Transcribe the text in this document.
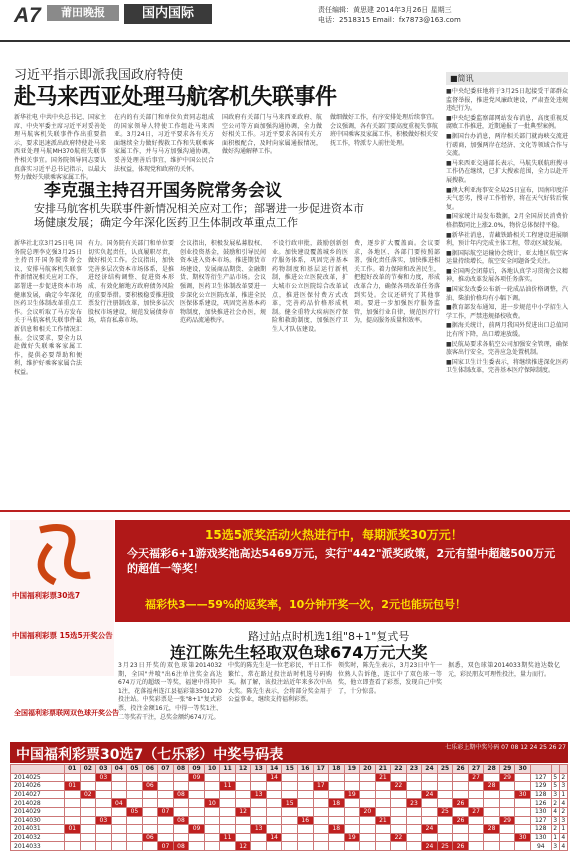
A7	莆田晚报	国内国际	责任编辑：黄思建 2014年3月26日 星期三
电话：2518315 Email：fx7873@163.com
■简讯

■中央纪委驻地将于3月25日起接受干部群众监督举报，推进党风廉政建设，严肃查处违规违纪行为。

■中央纪委监察部网站发布消息，高度重视反腐败工作推进，近期通报了一批典型案例。

■据国台办消息，两岸相关部门就海峡交流进行磋商，加强两岸在经济、文化等领域合作与交流。

■马来西亚交通部长表示，马航失联航班搜寻工作仍在继续，已扩大搜索范围，全力以赴开展搜救。

■澳大利亚海事安全局25日宣布，因南印度洋天气恶劣，搜寻工作暂停，将在天气好转后恢复。

■国家统计局发布数据，2月全国居民消费价格指数同比上涨2.0%，物价总体保持平稳。

■新华社消息，青藏铁路相关工程建设进展顺利，预计年内完成主体工程，带动区域发展。

■据国际航空运输协会统计，亚太地区航空客运量持续增长，航空安全问题备受关注。

■全国两会闭幕后，各地认真学习贯彻会议精神，推动改革发展各项任务落实。

■国家发改委公布新一轮成品油价格调整，汽油、柴油价格均有小幅下调。

■教育部发布通知，进一步规范中小学招生入学工作，严禁违规择校收费。

■据海关统计，前两月我国外贸进出口总值同比有所下降，出口增速放缓。

■民航局要求各航空公司加强安全管理，确保旅客出行安全，完善应急处置机制。

■国家卫生计生委表示，将继续推进深化医药卫生体制改革，完善基本医疗保障制度。

习近平指示即派我国政府特使
赴马来西亚处理马航客机失联事件
新华社电 中共中央总书记、国家主席、中央军委主席习近平对妥善处理马航客机失联事件作出重要指示，要求迅速派出政府特使赴马来西亚处理马航MH370航班失联事件相关事宜。国务院领导同志要认真落实习近平总书记指示，以最大努力做好失联乘客家属工作。
在内的有关部门和单位负责同志组成的国家领导人特使工作组赴马来西亚。3月24日，习近平要求各有关方面继续全力做好搜救工作和失联乘客家属工作，并与马方加强沟通协调，妥善处理善后事宜，维护中国公民合法权益，体现党和政府的关怀。
国政府有关部门与马来西亚政府、航空公司等方面加强沟通协调，全力做好相关工作。习近平要求各国有关方面积极配合，及时向家属通报情况，做好沟通解释工作。
做细做好工作，有序安排处理后续事宜。会议强调，各有关部门要高度重视失事航班中国乘客及家属工作，积极做好相关安抚工作，特派专人前往处理。
李克强主持召开国务院常务会议
安排马航客机失联事件新情况相关应对工作；部署进一步促进资本市
场健康发展；确定今年深化医药卫生体制改革重点工作
新华社北京3月25日电 国务院总理李克强3月25日主持召开国务院常务会议，安排马航客机失联事件新情况相关应对工作，部署进一步促进资本市场健康发展，确定今年深化医药卫生体制改革重点工作。会议听取了马方发布关于马航客机失联事件最新信息和相关工作情况汇报。会议要求，要全力以赴做好失联乘客家属工作，提供必要帮助和便利，维护好乘客家属合法权益。
有力。国务院有关部门和单位要切实负起责任，认真履职尽责，做好相关工作。会议指出，加快完善多层次资本市场体系，是推进经济结构调整、促进资本形成、有效化解地方政府债务风险的重要举措。要积极稳妥推进股票发行注册制改革，加快多层次股权市场建设，规范发展债券市场，培育私募市场。
会议指出，积极发展私募股权、创业投资基金，鼓励和引导民间资本进入资本市场。推进期货市场建设，发展商品期货、金融期货、期权等衍生产品市场。会议强调，医药卫生体制改革要进一步深化公立医院改革，推进全民医保体系建设，巩固完善基本药物制度，加快推进社会办医，规范药品流通秩序。
不设行政审批，鼓励创新创业。加快建设覆盖城乡的医疗服务体系，巩固完善基本药物制度和基层运行新机制，推进公立医院改革，扩大城市公立医院综合改革试点，推进医保付费方式改革，完善药品价格形成机制。健全重特大疾病医疗保险和救助制度，加强医疗卫生人才队伍建设。
费，逐步扩大覆盖面。会议要求，各地区、各部门要按照部署，强化责任落实，加快推进相关工作。着力保障和改善民生，把握好改革的节奏和力度，形成改革合力，确保各项改革任务落到实处。会议还研究了其他事项。要进一步加强医疗服务监管，加强行业自律，规范医疗行为，提高服务质量和效率。
中国福利彩票30选7
中国福利彩票 15选5开奖公告
全国福利彩票联网双色球开奖公告
15选5派奖活动火热进行中，每期派奖30万元！
今天福彩6+1游戏奖池高达5469万元，实行"442"派奖政策，2元有望中超越500万元的超值一等奖！
福彩快3——59%的返奖率，10分钟开奖一次，2元也能玩包号！
路过站点时机选1组"8+1"复式号
连江陈先生轻取双色球674万元大奖
3月23日开奖的双色球第2014032期，全国"井喷"出6注单注奖金高达674万元的超级一等奖，福建中得其中1注，花落福州连江县福彩第3501270投注站。中奖彩票是一张"8+1"复式彩票，投注金额16元，中得一等奖1注、二等奖若干注，总奖金额约674万元。
中奖的陈先生是一位老彩民，平日工作繁忙，常在路过投注站时机选号码购买。据了解，该投注站近年来多次中出大奖。陈先生表示，会将部分奖金用于公益事业，继续支持福利彩票。
领奖时，陈先生表示，3月23日中午一位熟人告诉他，连江中了双色球一等奖，他立即查看了彩票，发现自己中奖了，十分惊喜。
据悉，双色球第2014033期奖池达数亿元，彩民朋友可理性投注，量力而行。
中国福利彩票30选7（七乐彩）中奖号码表	七乐彩上期中奖号码 07 08 12 24 25 26 27
	01	02	03	04	05	06	07	08	09	10	11	12	13	14	15	16	17	18	19	20	21	22	23	24	25	26	27	28	29	30			
2014025			03						09					14							21						27		29		127	5	2
2014026	01					06					11						17					22						28			129	5	3
2014027		02						08					13						19					24						30	128	3	1
2014028				04						10					15			18					23			26					126	2	4
2014029					05		07					12								20					25		27				130	4	2
2014030			03					08								16					21					26			29		127	3	3
2014031	01								09				13					18						24				28			128	2	1
2014032						06					11			14					19			22								30	130	1	4
2014033							07	08				12												24	25	26					94	3	4
